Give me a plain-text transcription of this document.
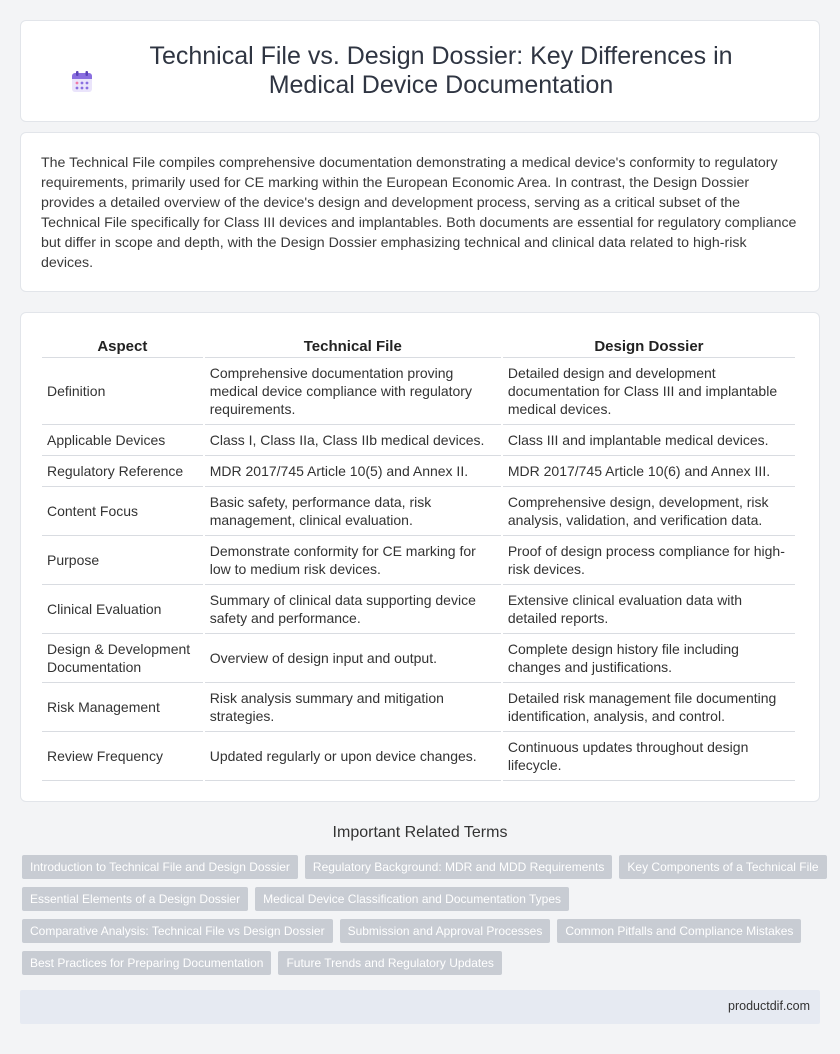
Technical File vs. Design Dossier: Key Differences in Medical Device Documentation

The Technical File compiles comprehensive documentation demonstrating a medical device's conformity to regulatory requirements, primarily used for CE marking within the European Economic Area. In contrast, the Design Dossier provides a detailed overview of the device's design and development process, serving as a critical subset of the Technical File specifically for Class III devices and implantables. Both documents are essential for regulatory compliance but differ in scope and depth, with the Design Dossier emphasizing technical and clinical data related to high-risk devices.

Aspect	Technical File	Design Dossier
Definition	Comprehensive documentation proving medical device compliance with regulatory requirements.	Detailed design and development documentation for Class III and implantable medical devices.
Applicable Devices	Class I, Class IIa, Class IIb medical devices.	Class III and implantable medical devices.
Regulatory Reference	MDR 2017/745 Article 10(5) and Annex II.	MDR 2017/745 Article 10(6) and Annex III.
Content Focus	Basic safety, performance data, risk management, clinical evaluation.	Comprehensive design, development, risk analysis, validation, and verification data.
Purpose	Demonstrate conformity for CE marking for low to medium risk devices.	Proof of design process compliance for high-risk devices.
Clinical Evaluation	Summary of clinical data supporting device safety and performance.	Extensive clinical evaluation data with detailed reports.
Design & Development Documentation	Overview of design input and output.	Complete design history file including changes and justifications.
Risk Management	Risk analysis summary and mitigation strategies.	Detailed risk management file documenting identification, analysis, and control.
Review Frequency	Updated regularly or upon device changes.	Continuous updates throughout design lifecycle.
Important Related Terms
Introduction to Technical File and Design Dossier	Regulatory Background: MDR and MDD Requirements	Key Components of a Technical File
Essential Elements of a Design Dossier	Medical Device Classification and Documentation Types
Comparative Analysis: Technical File vs Design Dossier	Submission and Approval Processes	Common Pitfalls and Compliance Mistakes
Best Practices for Preparing Documentation	Future Trends and Regulatory Updates
productdif.com
